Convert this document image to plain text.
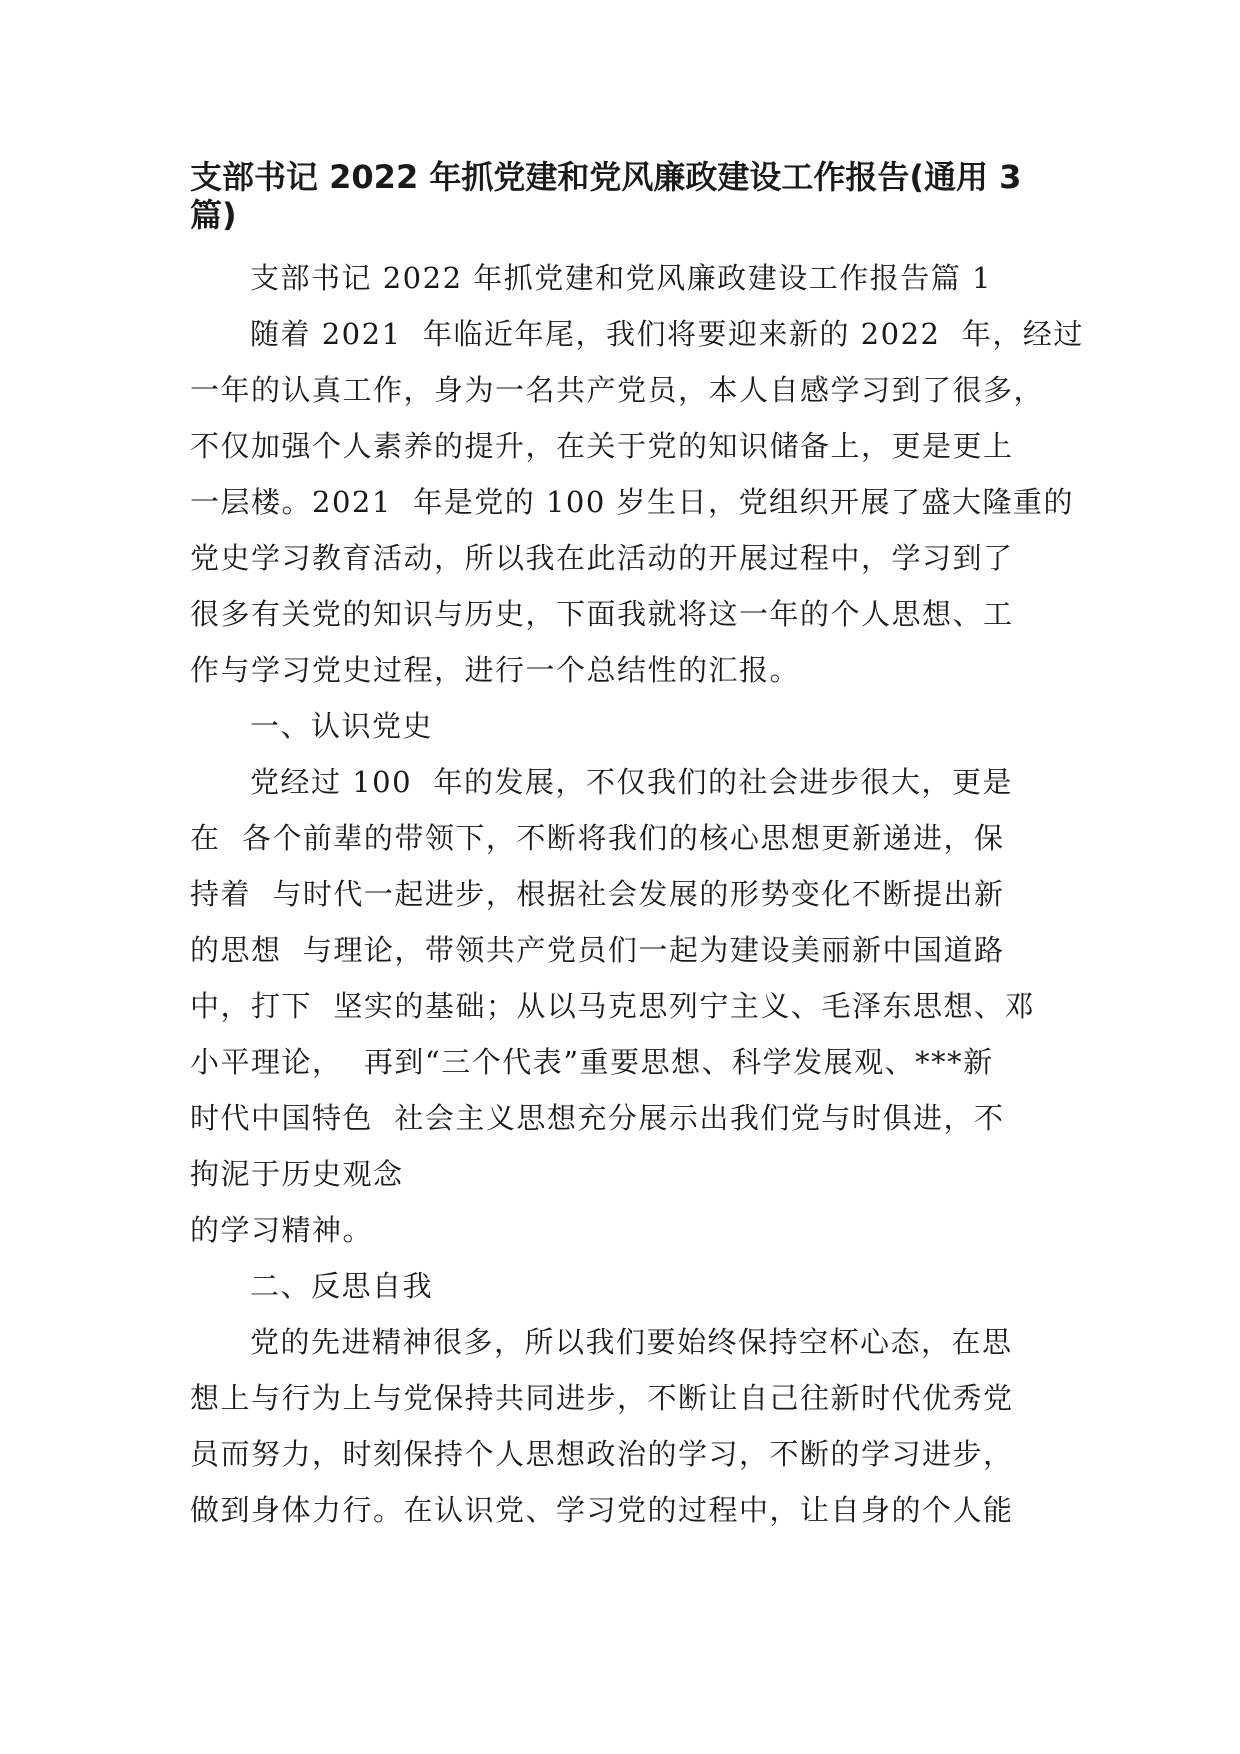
支部书记 2022 年抓党建和党风廉政建设工作报告(通用 3
篇)
支部书记 2022 年抓党建和党风廉政建设工作报告篇 1
随着 2021  年临近年尾，我们将要迎来新的 2022  年，经过
一年的认真工作，身为一名共产党员，本人自感学习到了很多，
不仅加强个人素养的提升，在关于党的知识储备上，更是更上
一层楼。2021  年是党的 100 岁生日，党组织开展了盛大隆重的
党史学习教育活动，所以我在此活动的开展过程中，学习到了
很多有关党的知识与历史，下面我就将这一年的个人思想、工
作与学习党史过程，进行一个总结性的汇报。
一、认识党史
党经过 100  年的发展，不仅我们的社会进步很大，更是
在  各个前辈的带领下，不断将我们的核心思想更新递进，保
持着  与时代一起进步，根据社会发展的形势变化不断提出新
的思想  与理论，带领共产党员们一起为建设美丽新中国道路
中，打下  坚实的基础；从以马克思列宁主义、毛泽东思想、邓
小平理论，  再到“三个代表”重要思想、科学发展观、***新
时代中国特色  社会主义思想充分展示出我们党与时俱进，不
拘泥于历史观念
的学习精神。
二、反思自我
党的先进精神很多，所以我们要始终保持空杯心态，在思
想上与行为上与党保持共同进步，不断让自己往新时代优秀党
员而努力，时刻保持个人思想政治的学习，不断的学习进步，
做到身体力行。在认识党、学习党的过程中，让自身的个人能
